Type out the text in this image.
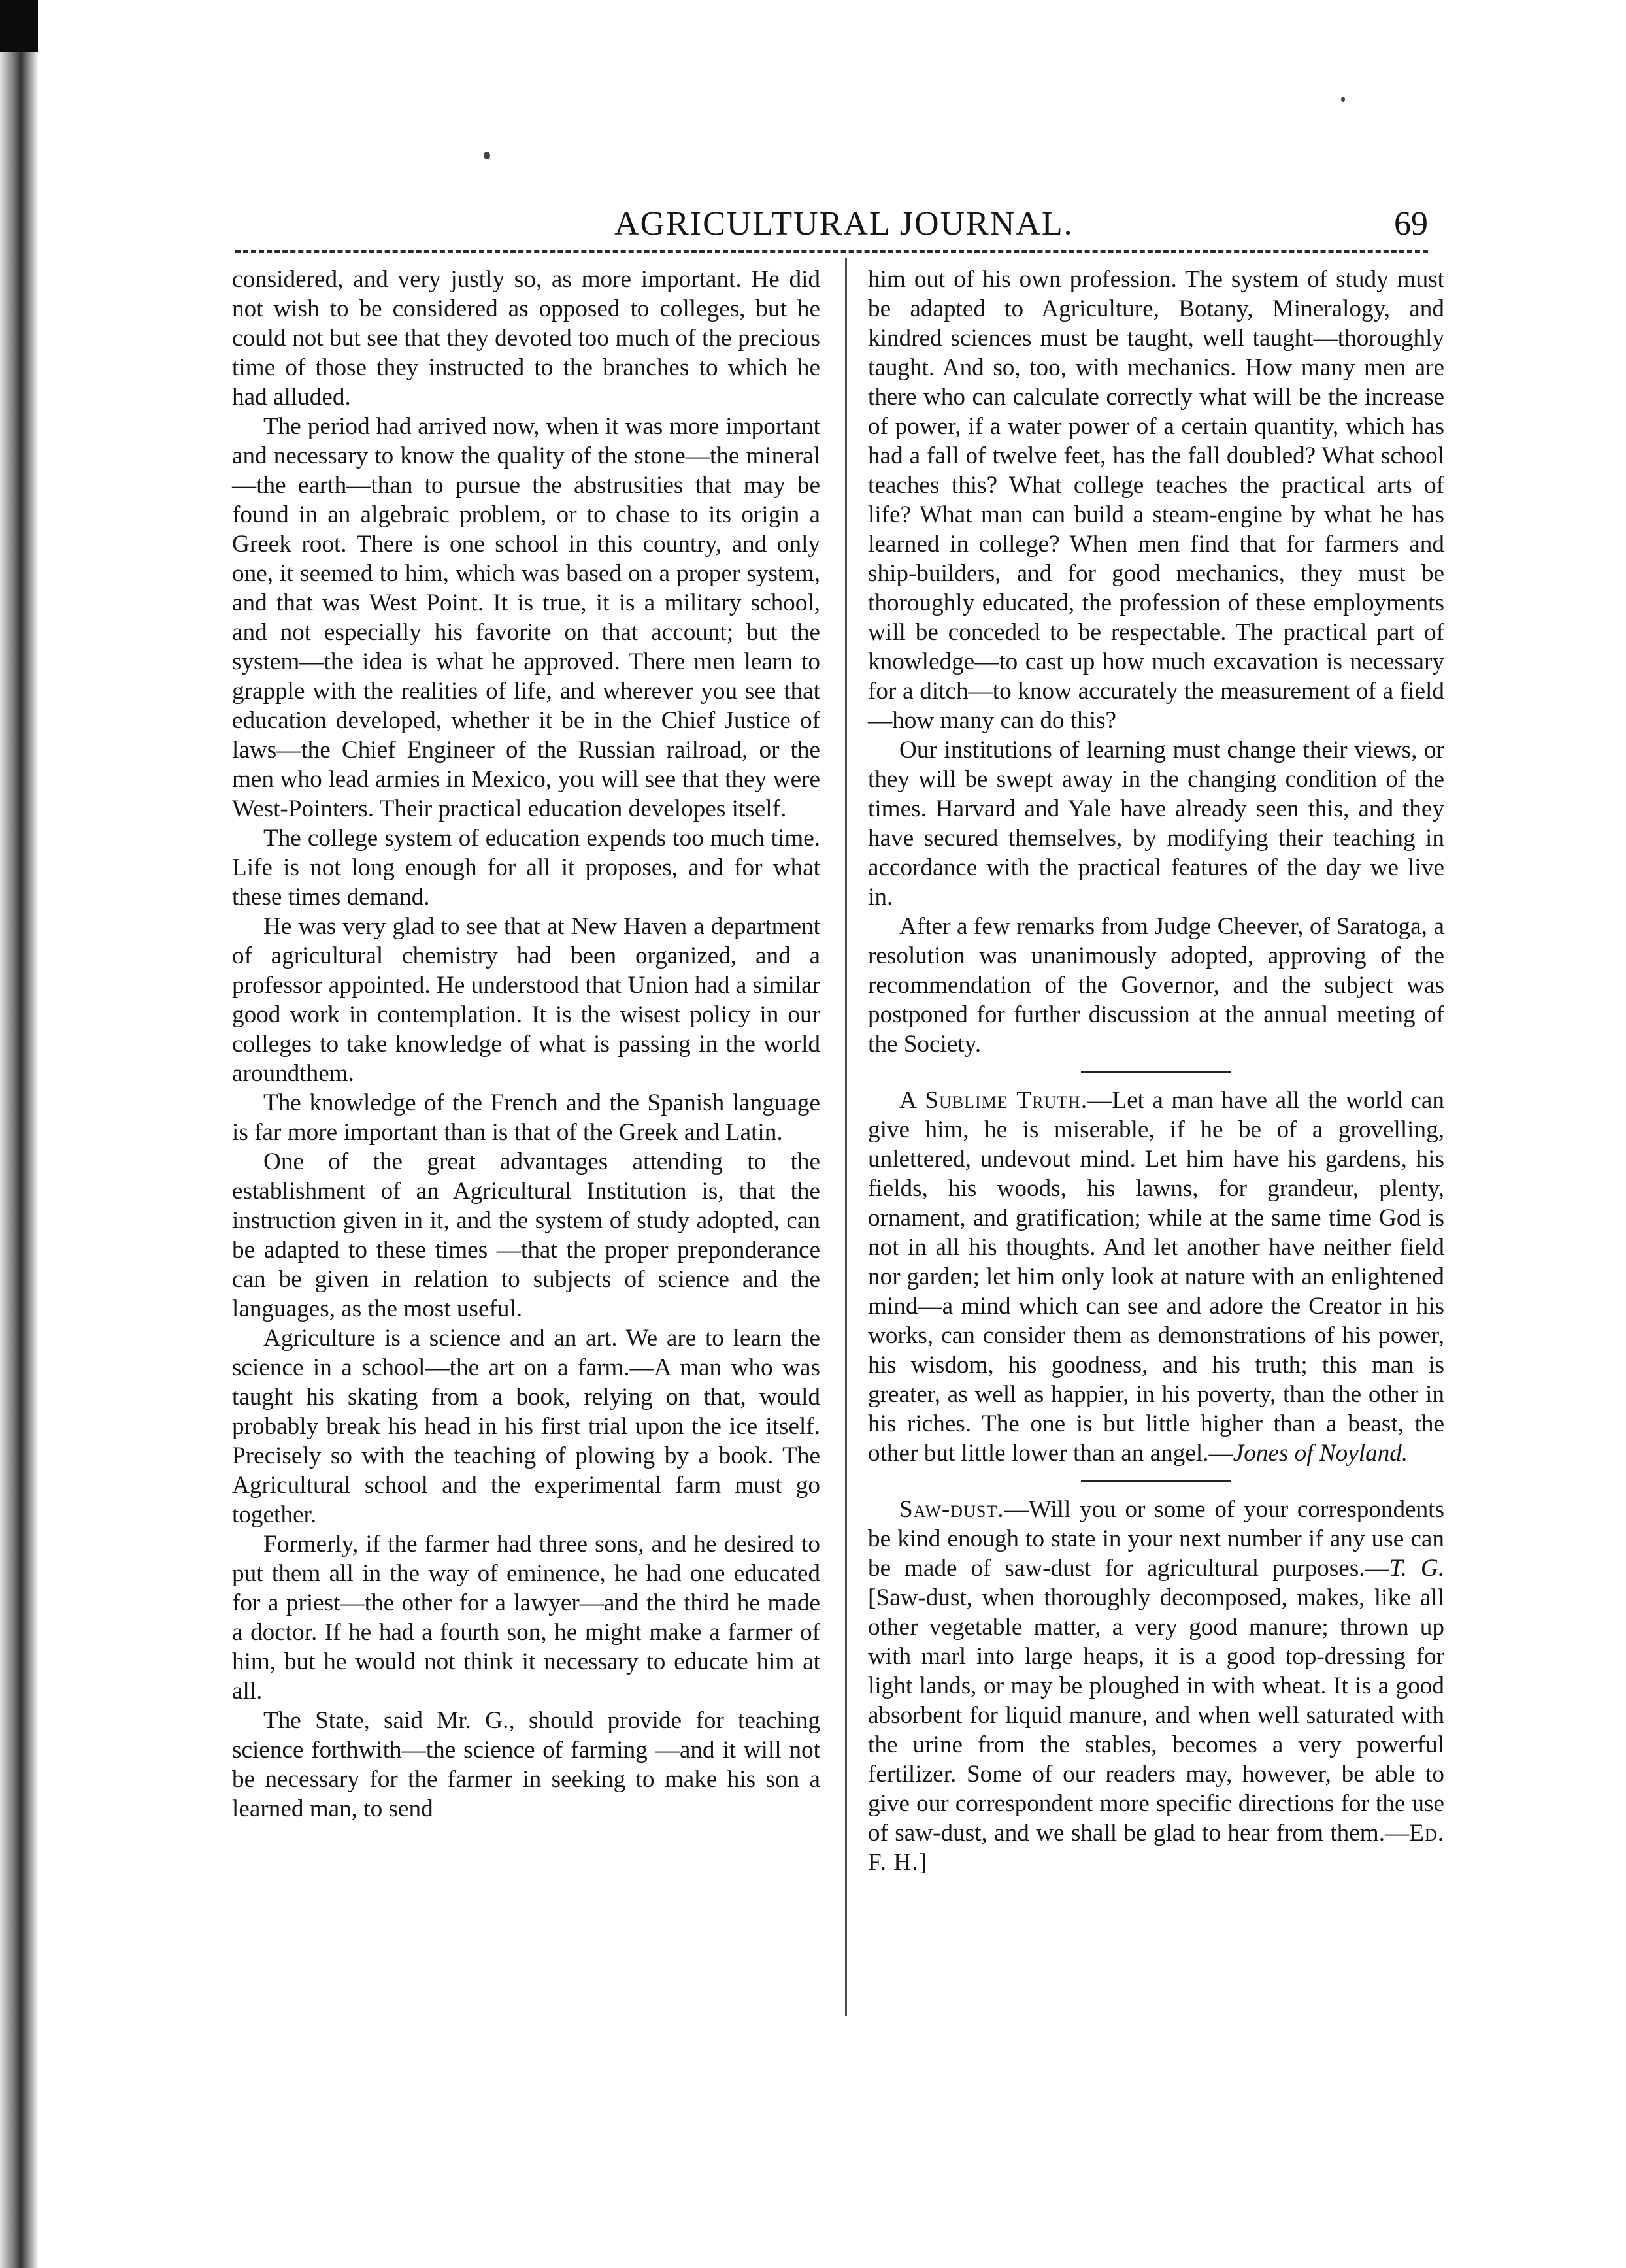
AGRICULTURAL JOURNAL.	69

considered, and very justly so, as more important. He did not wish to be considered as opposed to colleges, but he could not but see that they devoted too much of the precious time of those they instructed to the branches to which he had alluded.

The period had arrived now, when it was more important and necessary to know the quality of the stone—the mineral—the earth—than to pursue the abstrusities that may be found in an algebraic problem, or to chase to its origin a Greek root. There is one school in this country, and only one, it seemed to him, which was based on a proper system, and that was West Point. It is true, it is a military school, and not especially his favorite on that account; but the system—the idea is what he approved. There men learn to grapple with the realities of life, and wherever you see that education developed, whether it be in the Chief Justice of laws—the Chief Engineer of the Russian railroad, or the men who lead armies in Mexico, you will see that they were West-Pointers. Their practical education developes itself.

The college system of education expends too much time. Life is not long enough for all it proposes, and for what these times demand.

He was very glad to see that at New Haven a department of agricultural chemistry had been organized, and a professor appointed. He understood that Union had a similar good work in contemplation. It is the wisest policy in our colleges to take knowledge of what is passing in the world aroundthem.

The knowledge of the French and the Spanish language is far more important than is that of the Greek and Latin.

One of the great advantages attending to the establishment of an Agricultural Institution is, that the instruction given in it, and the system of study adopted, can be adapted to these times —that the proper preponderance can be given in relation to subjects of science and the languages, as the most useful.

Agriculture is a science and an art. We are to learn the science in a school—the art on a farm.—A man who was taught his skating from a book, relying on that, would probably break his head in his first trial upon the ice itself. Precisely so with the teaching of plowing by a book. The Agricultural school and the experimental farm must go together.

Formerly, if the farmer had three sons, and he desired to put them all in the way of eminence, he had one educated for a priest—the other for a lawyer—and the third he made a doctor. If he had a fourth son, he might make a farmer of him, but he would not think it necessary to educate him at all.

The State, said Mr. G., should provide for teaching science forthwith—the science of farming —and it will not be necessary for the farmer in seeking to make his son a learned man, to send

him out of his own profession. The system of study must be adapted to Agriculture, Botany, Mineralogy, and kindred sciences must be taught, well taught—thoroughly taught. And so, too, with mechanics. How many men are there who can calculate correctly what will be the increase of power, if a water power of a certain quantity, which has had a fall of twelve feet, has the fall doubled? What school teaches this? What college teaches the practical arts of life? What man can build a steam-engine by what he has learned in college? When men find that for farmers and ship-builders, and for good mechanics, they must be thoroughly educated, the profession of these employments will be conceded to be respectable. The practical part of knowledge—to cast up how much excavation is necessary for a ditch—to know accurately the measurement of a field—how many can do this?

Our institutions of learning must change their views, or they will be swept away in the changing condition of the times. Harvard and Yale have already seen this, and they have secured themselves, by modifying their teaching in accordance with the practical features of the day we live in.

After a few remarks from Judge Cheever, of Saratoga, a resolution was unanimously adopted, approving of the recommendation of the Governor, and the subject was postponed for further discussion at the annual meeting of the Society.

A Sublime Truth.—Let a man have all the world can give him, he is miserable, if he be of a grovelling, unlettered, undevout mind. Let him have his gardens, his fields, his woods, his lawns, for grandeur, plenty, ornament, and gratification; while at the same time God is not in all his thoughts. And let another have neither field nor garden; let him only look at nature with an enlightened mind—a mind which can see and adore the Creator in his works, can consider them as demonstrations of his power, his wisdom, his goodness, and his truth; this man is greater, as well as happier, in his poverty, than the other in his riches. The one is but little higher than a beast, the other but little lower than an angel.—Jones of Noyland.

Saw-dust.—Will you or some of your correspondents be kind enough to state in your next number if any use can be made of saw-dust for agricultural purposes.—T. G. [Saw-dust, when thoroughly decomposed, makes, like all other vegetable matter, a very good manure; thrown up with marl into large heaps, it is a good top-dressing for light lands, or may be ploughed in with wheat. It is a good absorbent for liquid manure, and when well saturated with the urine from the stables, becomes a very powerful fertilizer. Some of our readers may, however, be able to give our correspondent more specific directions for the use of saw-dust, and we shall be glad to hear from them.—Ed. F. H.]
